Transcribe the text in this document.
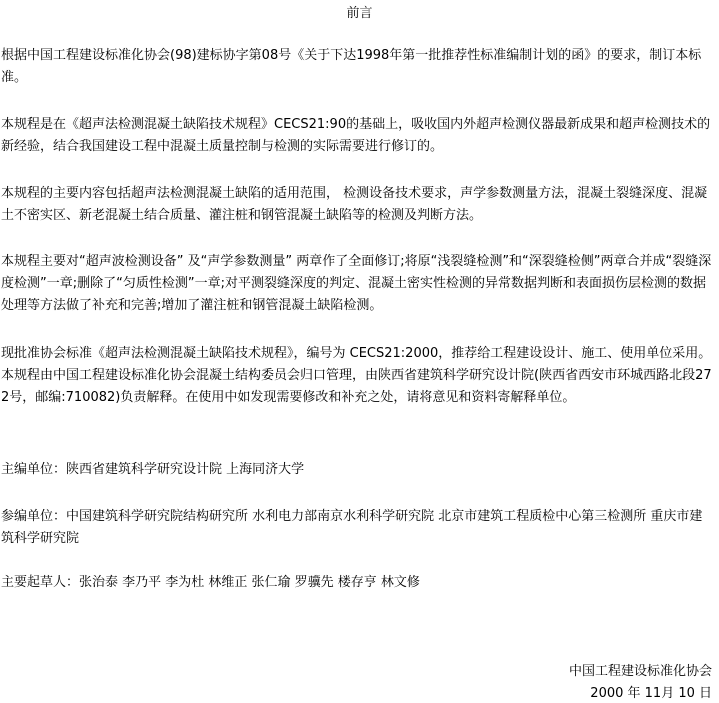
前言

根据中国工程建设标准化协会(98)建标协字第08号《关于下达1998年第一批推荐性标准编制计划的函》的要求，制订本标准。

本规程是在《超声法检测混凝土缺陷技术规程》CECS21:90的基础上，吸收国内外超声检测仪器最新成果和超声检测技术的新经验，结合我国建设工程中混凝土质量控制与检测的实际需要进行修订的。

本规程的主要内容包括超声法检测混凝土缺陷的适用范围， 检测设备技术要求，声学参数测量方法，混凝土裂缝深度、混凝土不密实区、新老混凝土结合质量、灌注桩和钢管混凝土缺陷等的检测及判断方法。

本规程主要对“超声波检测设备” 及“声学参数测量” 两章作了全面修订;将原“浅裂缝检测”和“深裂缝检侧”两章合并成“裂缝深度检测”一章;删除了“匀质性检测”一章;对平测裂缝深度的判定、混凝土密实性检测的异常数据判断和表面损伤层检测的数据处理等方法做了补充和完善;增加了灌注桩和钢管混凝土缺陷检测。

现批准协会标准《超声法检测混凝土缺陷技术规程》，编号为 CECS21:2000，推荐给工程建设设计、施工、使用单位采用。本规程由中国工程建设标准化协会混凝土结构委员会归口管理，由陕西省建筑科学研究设计院(陕西省西安市环城西路北段272号，邮编:710082)负责解释。在使用中如发现需要修改和补充之处，请将意见和资料寄解释单位。

主编单位：陕西省建筑科学研究设计院 上海同济大学

参编单位：中国建筑科学研究院结构研究所 水利电力部南京水利科学研究院 北京市建筑工程质检中心第三检测所 重庆市建筑科学研究院

主要起草人：张治泰 李乃平 李为杜 林维正 张仁瑜 罗骥先 楼存亨 林文修

中国工程建设标准化协会
2000 年 11月 10 日
